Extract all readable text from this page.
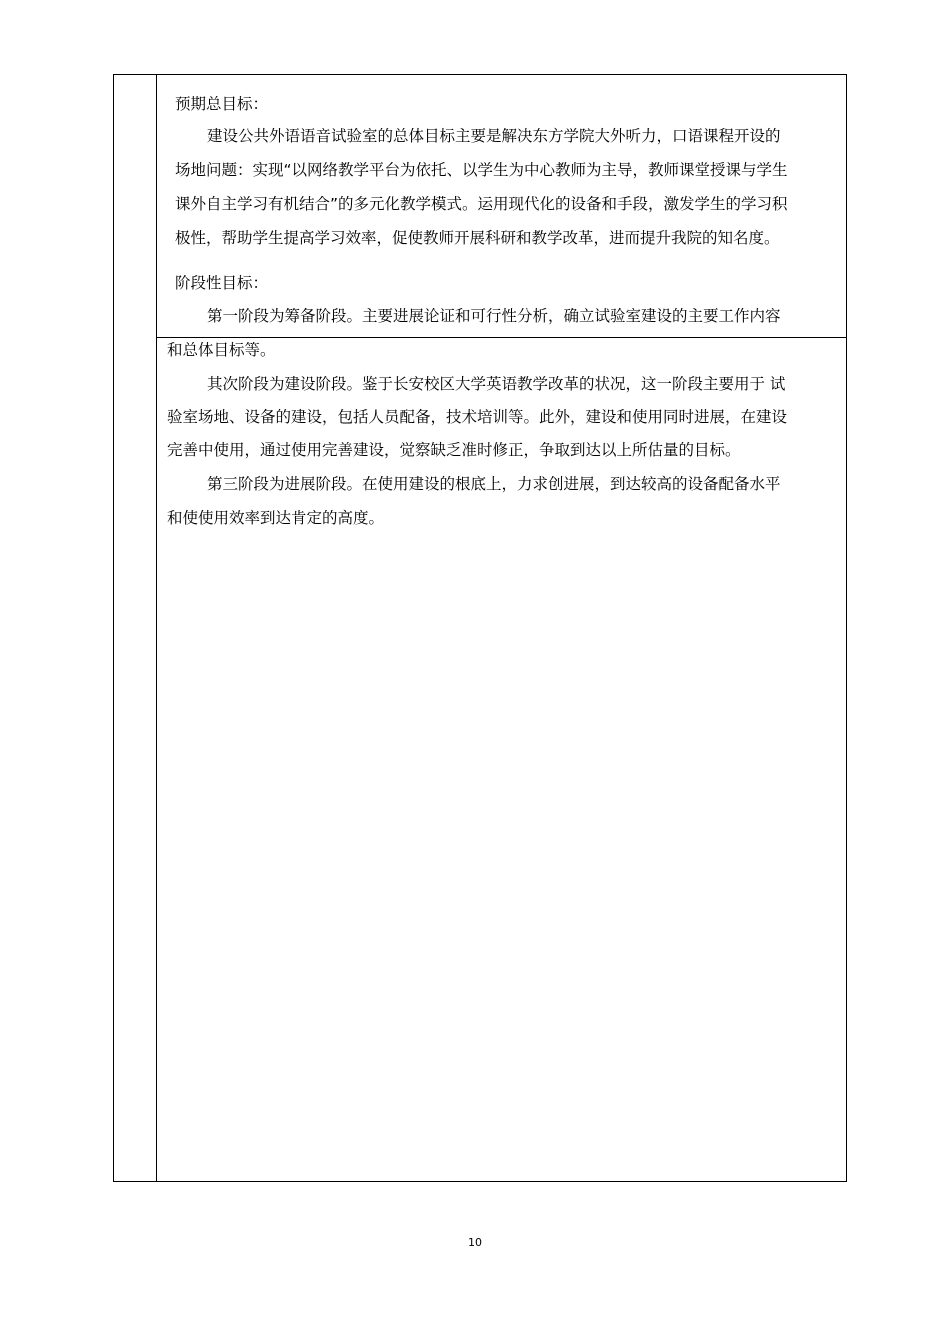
预期总目标：
建设公共外语语音试验室的总体目标主要是解决东方学院大外听力，口语课程开设的
场地问题：实现“以网络教学平台为依托、以学生为中心教师为主导，教师课堂授课与学生
课外自主学习有机结合”的多元化教学模式。运用现代化的设备和手段，激发学生的学习积
极性，帮助学生提高学习效率，促使教师开展科研和教学改革，进而提升我院的知名度。
阶段性目标：
第一阶段为筹备阶段。主要进展论证和可行性分析，确立试验室建设的主要工作内容
和总体目标等。
其次阶段为建设阶段。鉴于长安校区大学英语教学改革的状况，这一阶段主要用于 试
验室场地、设备的建设，包括人员配备，技术培训等。此外，建设和使用同时进展，在建设
完善中使用，通过使用完善建设，觉察缺乏准时修正，争取到达以上所估量的目标。
第三阶段为进展阶段。在使用建设的根底上，力求创进展，到达较高的设备配备水平
和使使用效率到达肯定的高度。
10
